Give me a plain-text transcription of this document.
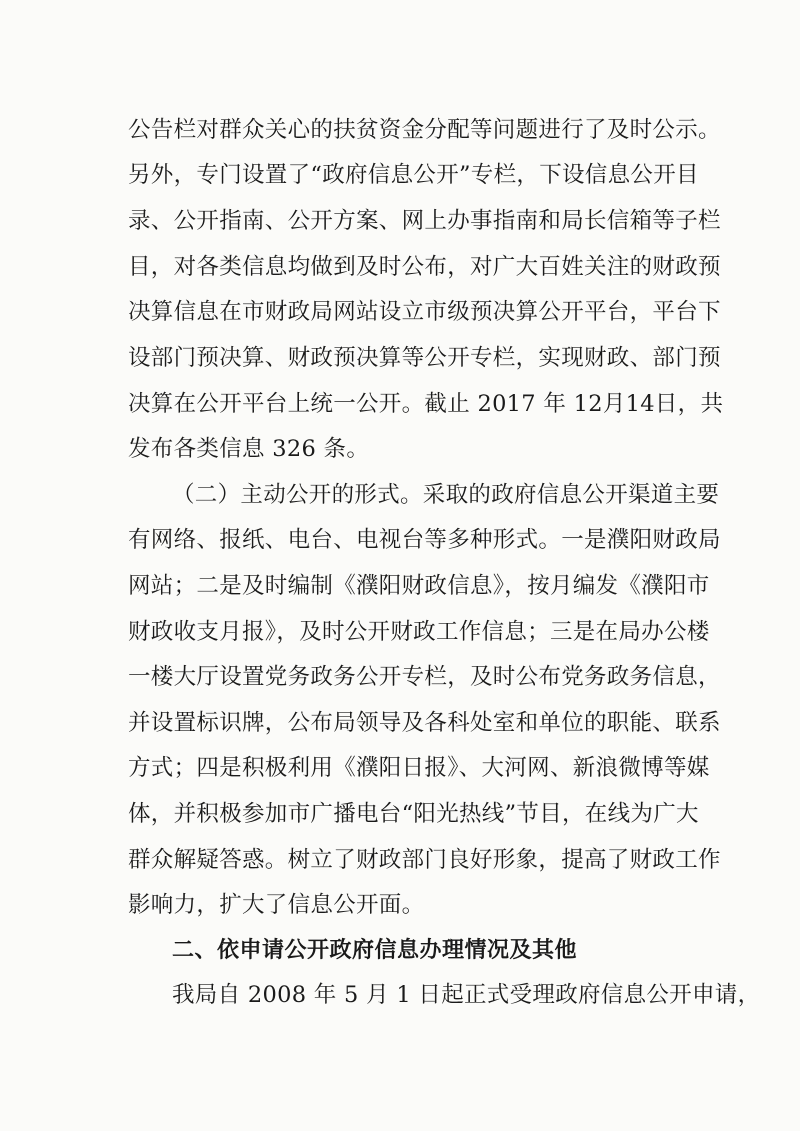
公告栏对群众关心的扶贫资金分配等问题进行了及时公示。
另外，专门设置了“政府信息公开”专栏，下设信息公开目
录、公开指南、公开方案、网上办事指南和局长信箱等子栏
目，对各类信息均做到及时公布，对广大百姓关注的财政预
决算信息在市财政局网站设立市级预决算公开平台，平台下
设部门预决算、财政预决算等公开专栏，实现财政、部门预
决算在公开平台上统一公开。截止 2017 年 12月14日，共
发布各类信息 326 条。
（二）主动公开的形式。采取的政府信息公开渠道主要
有网络、报纸、电台、电视台等多种形式。一是濮阳财政局
网站；二是及时编制《濮阳财政信息》，按月编发《濮阳市
财政收支月报》，及时公开财政工作信息；三是在局办公楼
一楼大厅设置党务政务公开专栏，及时公布党务政务信息，
并设置标识牌，公布局领导及各科处室和单位的职能、联系
方式；四是积极利用《濮阳日报》、大河网、新浪微博等媒
体，并积极参加市广播电台“阳光热线”节目，在线为广大
群众解疑答惑。树立了财政部门良好形象，提高了财政工作
影响力，扩大了信息公开面。
二、依申请公开政府信息办理情况及其他
我局自 2008 年 5 月 1 日起正式受理政府信息公开申请，
